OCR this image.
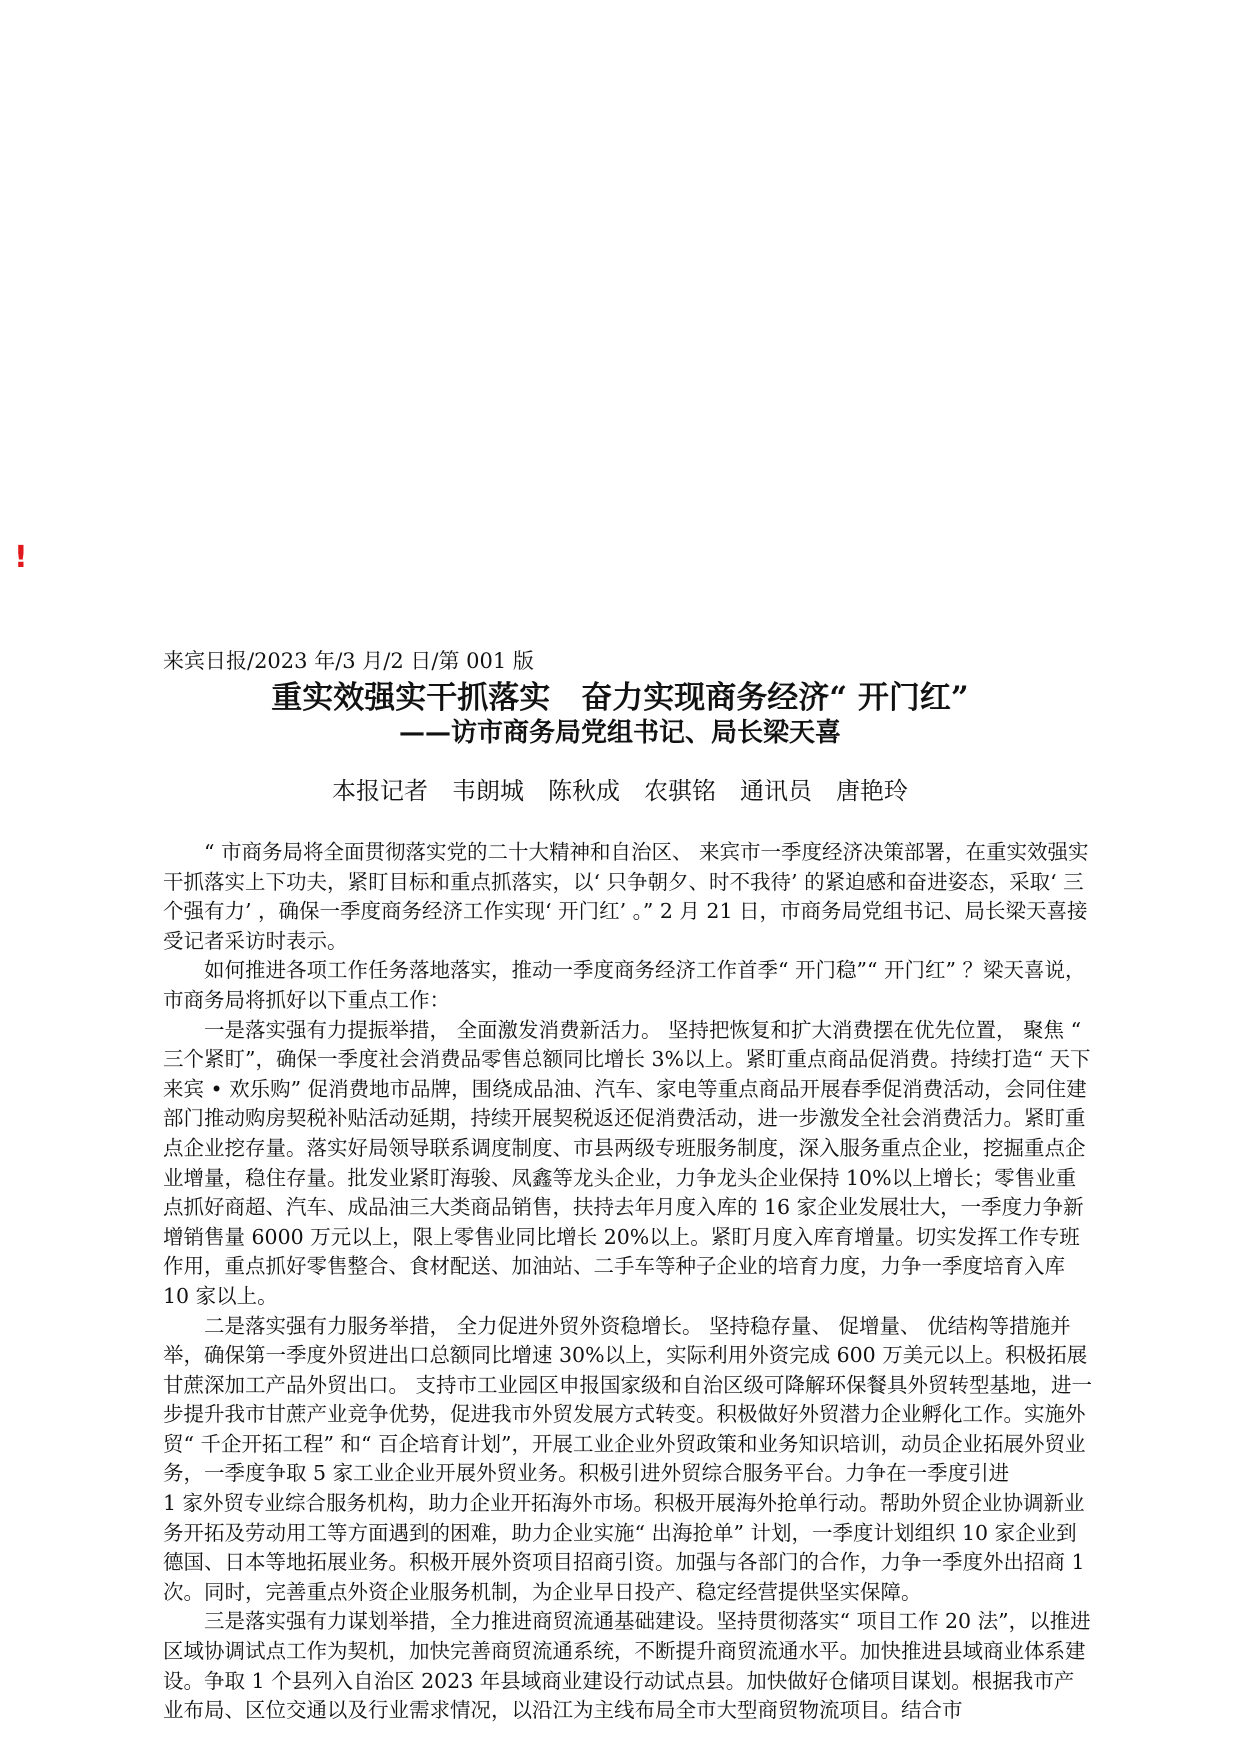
!
来宾日报/2023 年/3 月/2 日/第 001 版
重实效强实干抓落实　奋力实现商务经济“ 开门红”
——访市商务局党组书记、局长梁天喜
本报记者 韦朗城 陈秋成 农骐铭 通讯员 唐艳玲

“ 市商务局将全面贯彻落实党的二十大精神和自治区、 来宾市一季度经济决策部署，在重实效强实干抓落实上下功夫，紧盯目标和重点抓落实，以‘ 只争朝夕、时不我待’ 的紧迫感和奋进姿态，采取‘ 三个强有力’ ，确保一季度商务经济工作实现‘ 开门红’ 。” 2 月 21 日，市商务局党组书记、局长梁天喜接受记者采访时表示。

如何推进各项工作任务落地落实，推动一季度商务经济工作首季“ 开门稳”“ 开门红” ？梁天喜说，市商务局将抓好以下重点工作：

一是落实强有力提振举措， 全面激发消费新活力。 坚持把恢复和扩大消费摆在优先位置， 聚焦 “ 三个紧盯”，确保一季度社会消费品零售总额同比增长 3%以上。紧盯重点商品促消费。持续打造“ 天下来宾 • 欢乐购” 促消费地市品牌，围绕成品油、汽车、家电等重点商品开展春季促消费活动，会同住建部门推动购房契税补贴活动延期，持续开展契税返还促消费活动，进一步激发全社会消费活力。紧盯重点企业挖存量。落实好局领导联系调度制度、市县两级专班服务制度，深入服务重点企业，挖掘重点企业增量，稳住存量。批发业紧盯海骏、凤鑫等龙头企业，力争龙头企业保持 10%以上增长；零售业重点抓好商超、汽车、成品油三大类商品销售，扶持去年月度入库的 16 家企业发展壮大，一季度力争新增销售量 6000 万元以上，限上零售业同比增长 20%以上。紧盯月度入库育增量。切实发挥工作专班作用，重点抓好零售整合、食材配送、加油站、二手车等种子企业的培育力度，力争一季度培育入库 10 家以上。

二是落实强有力服务举措， 全力促进外贸外资稳增长。 坚持稳存量、 促增量、 优结构等措施并举，确保第一季度外贸进出口总额同比增速 30%以上，实际利用外资完成 600 万美元以上。积极拓展甘蔗深加工产品外贸出口。 支持市工业园区申报国家级和自治区级可降解环保餐具外贸转型基地，进一步提升我市甘蔗产业竞争优势，促进我市外贸发展方式转变。积极做好外贸潜力企业孵化工作。实施外贸“ 千企开拓工程” 和“ 百企培育计划”，开展工业企业外贸政策和业务知识培训，动员企业拓展外贸业务，一季度争取 5 家工业企业开展外贸业务。积极引进外贸综合服务平台。力争在一季度引进

1 家外贸专业综合服务机构，助力企业开拓海外市场。积极开展海外抢单行动。帮助外贸企业协调新业务开拓及劳动用工等方面遇到的困难，助力企业实施“ 出海抢单” 计划，一季度计划组织 10 家企业到德国、日本等地拓展业务。积极开展外资项目招商引资。加强与各部门的合作，力争一季度外出招商 1 次。同时，完善重点外资企业服务机制，为企业早日投产、稳定经营提供坚实保障。

三是落实强有力谋划举措，全力推进商贸流通基础建设。坚持贯彻落实“ 项目工作 20 法”，以推进区域协调试点工作为契机，加快完善商贸流通系统，不断提升商贸流通水平。加快推进县域商业体系建设。争取 1 个县列入自治区 2023 年县域商业建设行动试点县。加快做好仓储项目谋划。根据我市产业布局、区位交通以及行业需求情况，以沿江为主线布局全市大型商贸物流项目。结合市
